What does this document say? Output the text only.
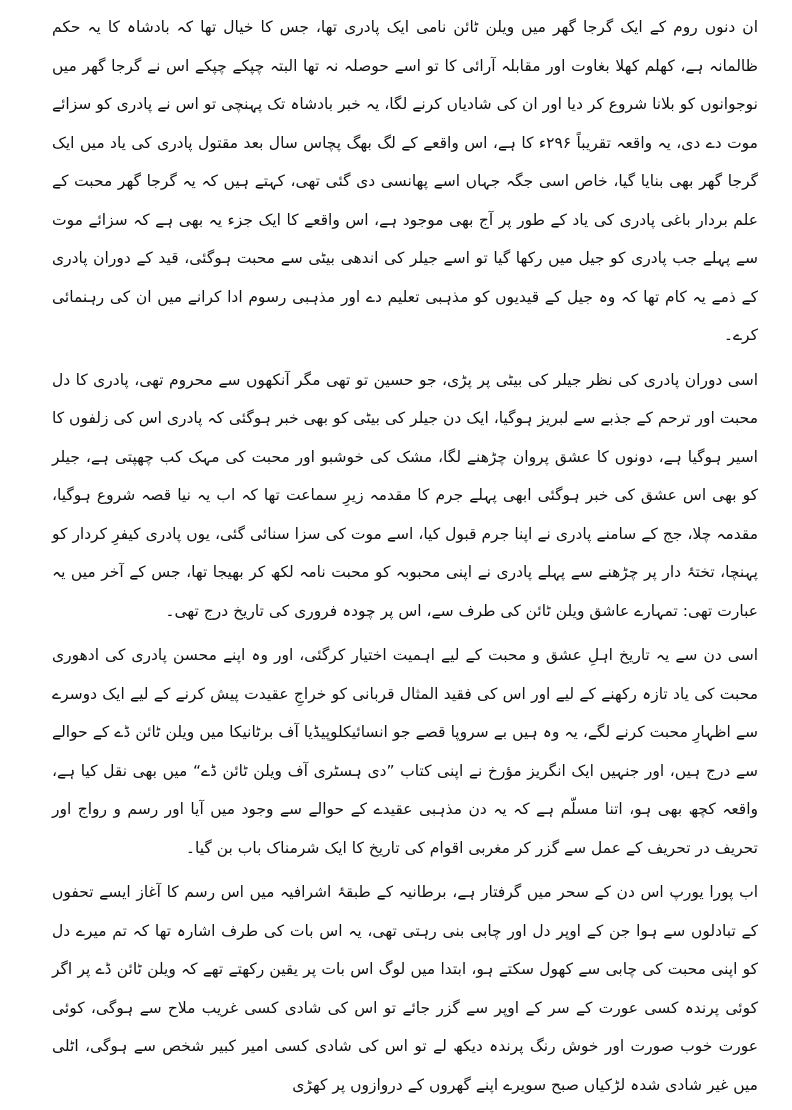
ان دنوں روم کے ایک گرجا گھر میں ویلن ٹائن نامی ایک پادری تھا، جس کا خیال تھا کہ بادشاہ کا یہ حکم ظالمانہ ہے، کھلم کھلا بغاوت اور مقابلہ آرائی کا تو اسے حوصلہ نہ تھا البتہ چپکے چپکے اس نے گرجا گھر میں نوجوانوں کو بلانا شروع کر دیا اور ان کی شادیاں کرنے لگا، یہ خبر بادشاہ تک پہنچی تو اس نے پادری کو سزائے موت دے دی، یہ واقعہ تقریباً ۲۹۶ء کا ہے، اس واقعے کے لگ بھگ پچاس سال بعد مقتول پادری کی یاد میں ایک گرجا گھر بھی بنایا گیا، خاص اسی جگہ جہاں اسے پھانسی دی گئی تھی، کہتے ہیں کہ یہ گرجا گھر محبت کے علم بردار باغی پادری کی یاد کے طور پر آج بھی موجود ہے، اس واقعے کا ایک جزء یہ بھی ہے کہ سزائے موت سے پہلے جب پادری کو جیل میں رکھا گیا تو اسے جیلر کی اندھی بیٹی سے محبت ہوگئی، قید کے دوران پادری کے ذمے یہ کام تھا کہ وہ جیل کے قیدیوں کو مذہبی تعلیم دے اور مذہبی رسوم ادا کرانے میں ان کی رہنمائی کرے۔

اسی دوران پادری کی نظر جیلر کی بیٹی پر پڑی، جو حسین تو تھی مگر آنکھوں سے محروم تھی، پادری کا دل محبت اور ترحم کے جذبے سے لبریز ہوگیا، ایک دن جیلر کی بیٹی کو بھی خبر ہوگئی کہ پادری اس کی زلفوں کا اسیر ہوگیا ہے، دونوں کا عشق پروان چڑھنے لگا، مشک کی خوشبو اور محبت کی مہک کب چھپتی ہے، جیلر کو بھی اس عشق کی خبر ہوگئی ابھی پہلے جرم کا مقدمہ زیرِ سماعت تھا کہ اب یہ نیا قصہ شروع ہوگیا، مقدمہ چلا، جج کے سامنے پادری نے اپنا جرم قبول کیا، اسے موت کی سزا سنائی گئی، یوں پادری کیفرِ کردار کو پہنچا، تختۂ دار پر چڑھنے سے پہلے پادری نے اپنی محبوبہ کو محبت نامہ لکھ کر بھیجا تھا، جس کے آخر میں یہ عبارت تھی: تمہارے عاشق ویلن ٹائن کی طرف سے، اس پر چودہ فروری کی تاریخ درج تھی۔

اسی دن سے یہ تاریخ اہلِ عشق و محبت کے لیے اہمیت اختیار کرگئی، اور وہ اپنے محسن پادری کی ادھوری محبت کی یاد تازہ رکھنے کے لیے اور اس کی فقید المثال قربانی کو خراجِ عقیدت پیش کرنے کے لیے ایک دوسرے سے اظہارِ محبت کرنے لگے، یہ وہ ہیں بے سروپا قصے جو انسائیکلوپیڈیا آف برٹانیکا میں ویلن ٹائن ڈے کے حوالے سے درج ہیں، اور جنہیں ایک انگریز مؤرخ نے اپنی کتاب ”دی ہسٹری آف ویلن ٹائن ڈے“ میں بھی نقل کیا ہے، واقعہ کچھ بھی ہو، اتنا مسلّم ہے کہ یہ دن مذہبی عقیدے کے حوالے سے وجود میں آیا اور رسم و رواج اور تحریف در تحریف کے عمل سے گزر کر مغربی اقوام کی تاریخ کا ایک شرمناک باب بن گیا۔

اب پورا یورپ اس دن کے سحر میں گرفتار ہے، برطانیہ کے طبقۂ اشرافیہ میں اس رسم کا آغاز ایسے تحفوں کے تبادلوں سے ہوا جن کے اوپر دل اور چابی بنی رہتی تھی، یہ اس بات کی طرف اشارہ تھا کہ تم میرے دل کو اپنی محبت کی چابی سے کھول سکتے ہو، ابتدا میں لوگ اس بات پر یقین رکھتے تھے کہ ویلن ٹائن ڈے پر اگر کوئی پرندہ کسی عورت کے سر کے اوپر سے گزر جائے تو اس کی شادی کسی غریب ملاح سے ہوگی، کوئی عورت خوب صورت اور خوش رنگ پرندہ دیکھ لے تو اس کی شادی کسی امیر کبیر شخص سے ہوگی، اٹلی میں غیر شادی شدہ لڑکیاں صبح سویرے اپنے گھروں کے دروازوں پر کھڑی
